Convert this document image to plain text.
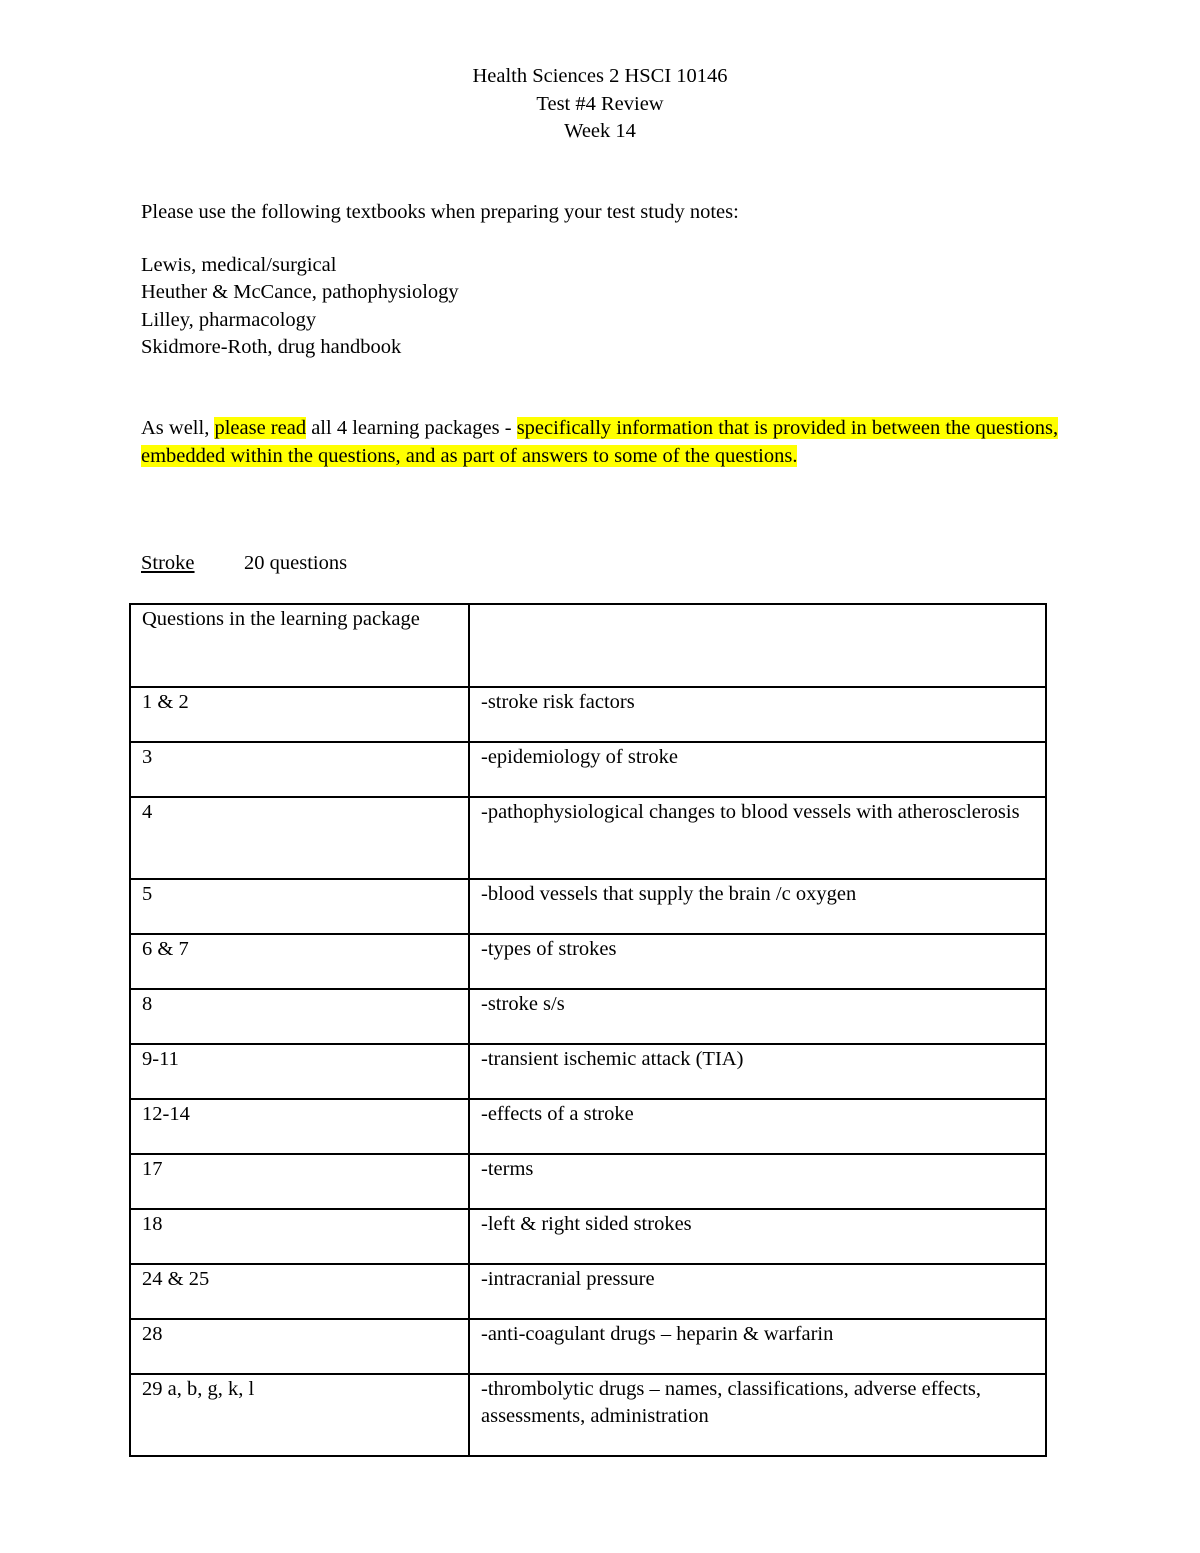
Health Sciences 2 HSCI 10146
Test #4 Review
Week 14
Please use the following textbooks when preparing your test study notes:
Lewis, medical/surgical
Heuther & McCance, pathophysiology
Lilley, pharmacology
Skidmore-Roth, drug handbook
As well, please read all 4 learning packages - specifically information that is provided in between the questions, embedded within the questions, and as part of answers to some of the questions.
Stroke 20 questions
Questions in the learning package	
1 & 2	-stroke risk factors
3	-epidemiology of stroke
4	-pathophysiological changes to blood vessels with atherosclerosis
5	-blood vessels that supply the brain /c oxygen
6 & 7	-types of strokes
8	-stroke s/s
9-11	-transient ischemic attack (TIA)
12-14	-effects of a stroke
17	-terms
18	-left & right sided strokes
24 & 25	-intracranial pressure
28	-anti-coagulant drugs – heparin & warfarin
29 a, b, g, k, l	-thrombolytic drugs – names, classifications, adverse effects, assessments, administration
